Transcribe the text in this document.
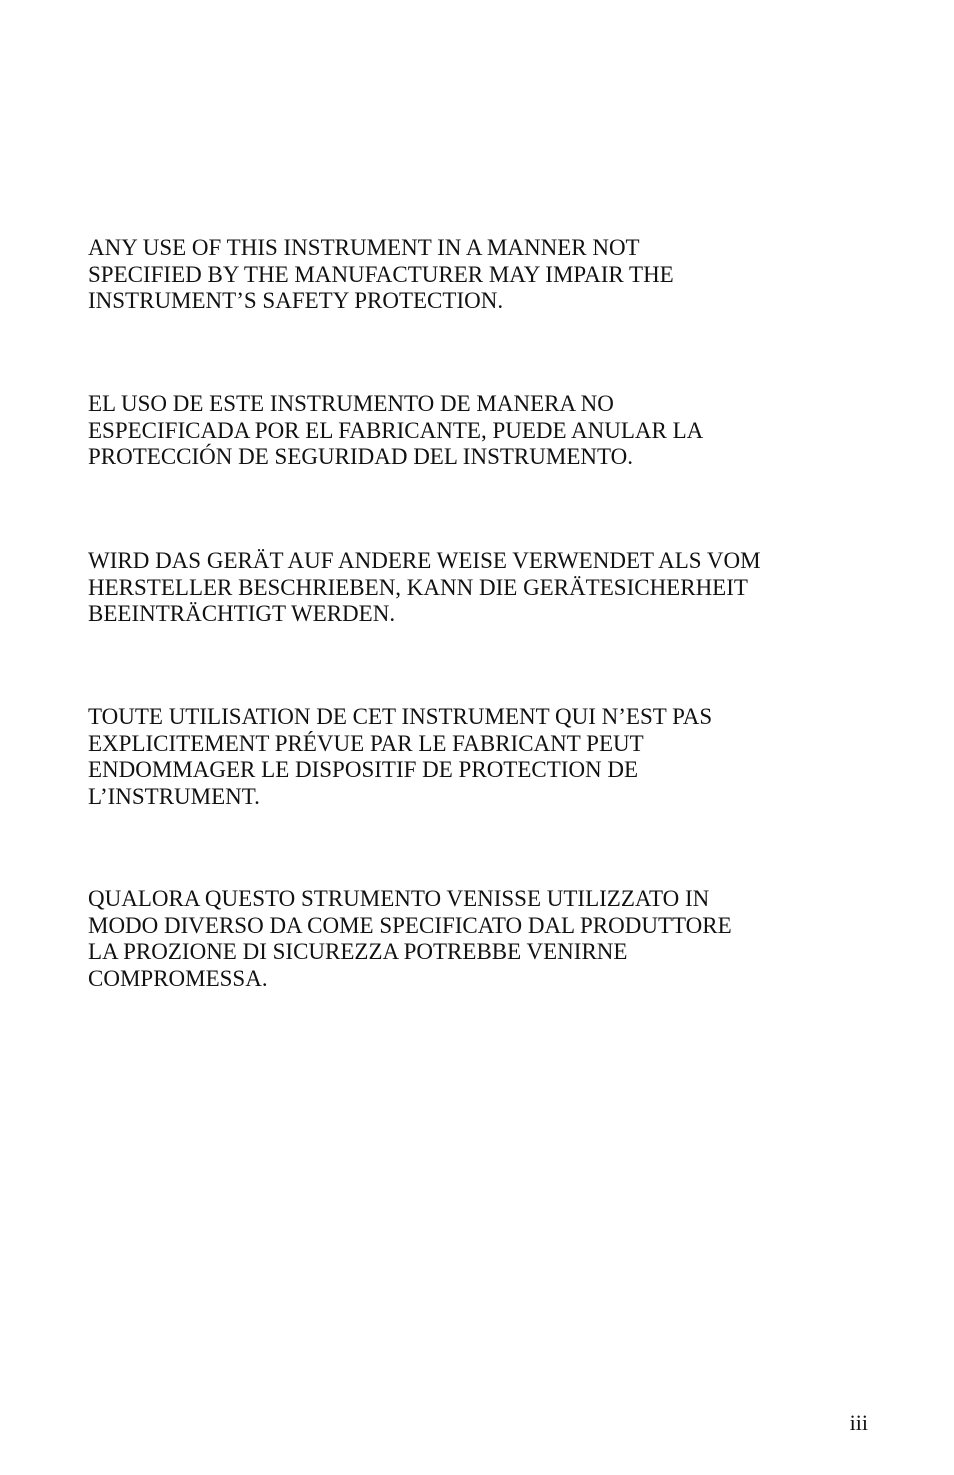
ANY USE OF THIS INSTRUMENT IN A MANNER NOT
SPECIFIED BY THE MANUFACTURER MAY IMPAIR THE
INSTRUMENT’S SAFETY PROTECTION.

EL USO DE ESTE INSTRUMENTO DE MANERA NO
ESPECIFICADA POR EL FABRICANTE, PUEDE ANULAR LA
PROTECCIÓN DE SEGURIDAD DEL INSTRUMENTO.

WIRD DAS GERÄT AUF ANDERE WEISE VERWENDET ALS VOM
HERSTELLER BESCHRIEBEN, KANN DIE GERÄTESICHERHEIT
BEEINTRÄCHTIGT WERDEN.

TOUTE UTILISATION DE CET INSTRUMENT QUI N’EST PAS
EXPLICITEMENT PRÉVUE PAR LE FABRICANT PEUT
ENDOMMAGER LE DISPOSITIF DE PROTECTION DE
L’INSTRUMENT.

QUALORA QUESTO STRUMENTO VENISSE UTILIZZATO IN
MODO DIVERSO DA COME SPECIFICATO DAL PRODUTTORE
LA PROZIONE DI SICUREZZA POTREBBE VENIRNE
COMPROMESSA.

iii
